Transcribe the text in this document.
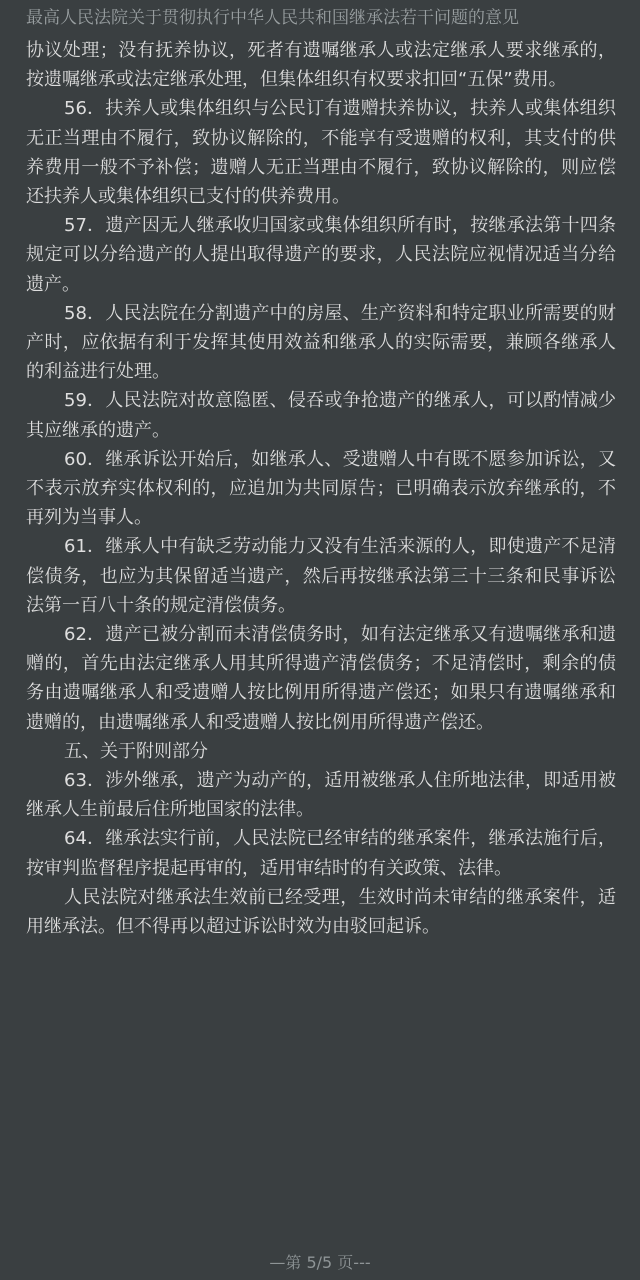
最高人民法院关于贯彻执行中华人民共和国继承法若干问题的意见

协议处理；没有抚养协议，死者有遗嘱继承人或法定继承人要求继承的，按遗嘱继承或法定继承处理，但集体组织有权要求扣回“五保”费用。

56．扶养人或集体组织与公民订有遗赠扶养协议，扶养人或集体组织无正当理由不履行，致协议解除的，不能享有受遗赠的权利，其支付的供养费用一般不予补偿；遗赠人无正当理由不履行，致协议解除的，则应偿还扶养人或集体组织已支付的供养费用。

57．遗产因无人继承收归国家或集体组织所有时，按继承法第十四条规定可以分给遗产的人提出取得遗产的要求，人民法院应视情况适当分给遗产。

58．人民法院在分割遗产中的房屋、生产资料和特定职业所需要的财产时，应依据有利于发挥其使用效益和继承人的实际需要，兼顾各继承人的利益进行处理。

59．人民法院对故意隐匿、侵吞或争抢遗产的继承人，可以酌情减少其应继承的遗产。

60．继承诉讼开始后，如继承人、受遗赠人中有既不愿参加诉讼，又不表示放弃实体权利的，应追加为共同原告；已明确表示放弃继承的，不再列为当事人。

61．继承人中有缺乏劳动能力又没有生活来源的人，即使遗产不足清偿债务，也应为其保留适当遗产，然后再按继承法第三十三条和民事诉讼法第一百八十条的规定清偿债务。

62．遗产已被分割而未清偿债务时，如有法定继承又有遗嘱继承和遗赠的，首先由法定继承人用其所得遗产清偿债务；不足清偿时，剩余的债务由遗嘱继承人和受遗赠人按比例用所得遗产偿还；如果只有遗嘱继承和遗赠的，由遗嘱继承人和受遗赠人按比例用所得遗产偿还。

五、关于附则部分

63．涉外继承，遗产为动产的，适用被继承人住所地法律，即适用被继承人生前最后住所地国家的法律。

64．继承法实行前，人民法院已经审结的继承案件，继承法施行后，按审判监督程序提起再审的，适用审结时的有关政策、法律。

人民法院对继承法生效前已经受理，生效时尚未审结的继承案件，适用继承法。但不得再以超过诉讼时效为由驳回起诉。

—第 5/5 页---
